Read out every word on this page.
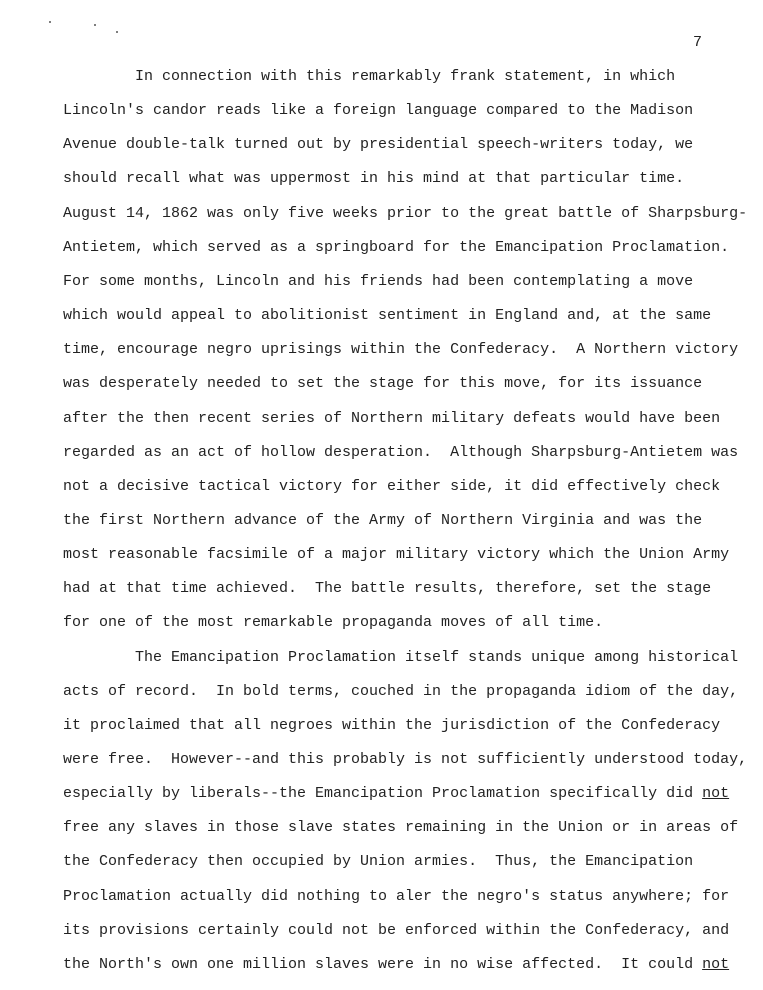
7
In connection with this remarkably frank statement, in which
Lincoln's candor reads like a foreign language compared to the Madison
Avenue double-talk turned out by presidential speech-writers today, we
should recall what was uppermost in his mind at that particular time.
August 14, 1862 was only five weeks prior to the great battle of Sharpsburg-
Antietem, which served as a springboard for the Emancipation Proclamation.
For some months, Lincoln and his friends had been contemplating a move
which would appeal to abolitionist sentiment in England and, at the same
time, encourage negro uprisings within the Confederacy.  A Northern victory
was desperately needed to set the stage for this move, for its issuance
after the then recent series of Northern military defeats would have been
regarded as an act of hollow desperation.  Although Sharpsburg-Antietem was
not a decisive tactical victory for either side, it did effectively check
the first Northern advance of the Army of Northern Virginia and was the
most reasonable facsimile of a major military victory which the Union Army
had at that time achieved.  The battle results, therefore, set the stage
for one of the most remarkable propaganda moves of all time.
The Emancipation Proclamation itself stands unique among historical
acts of record.  In bold terms, couched in the propaganda idiom of the day,
it proclaimed that all negroes within the jurisdiction of the Confederacy
were free.  However--and this probably is not sufficiently understood today,
especially by liberals--the Emancipation Proclamation specifically did not
free any slaves in those slave states remaining in the Union or in areas of
the Confederacy then occupied by Union armies.  Thus, the Emancipation
Proclamation actually did nothing to aler the negro's status anywhere; for
its provisions certainly could not be enforced within the Confederacy, and
the North's own one million slaves were in no wise affected.  It could not
